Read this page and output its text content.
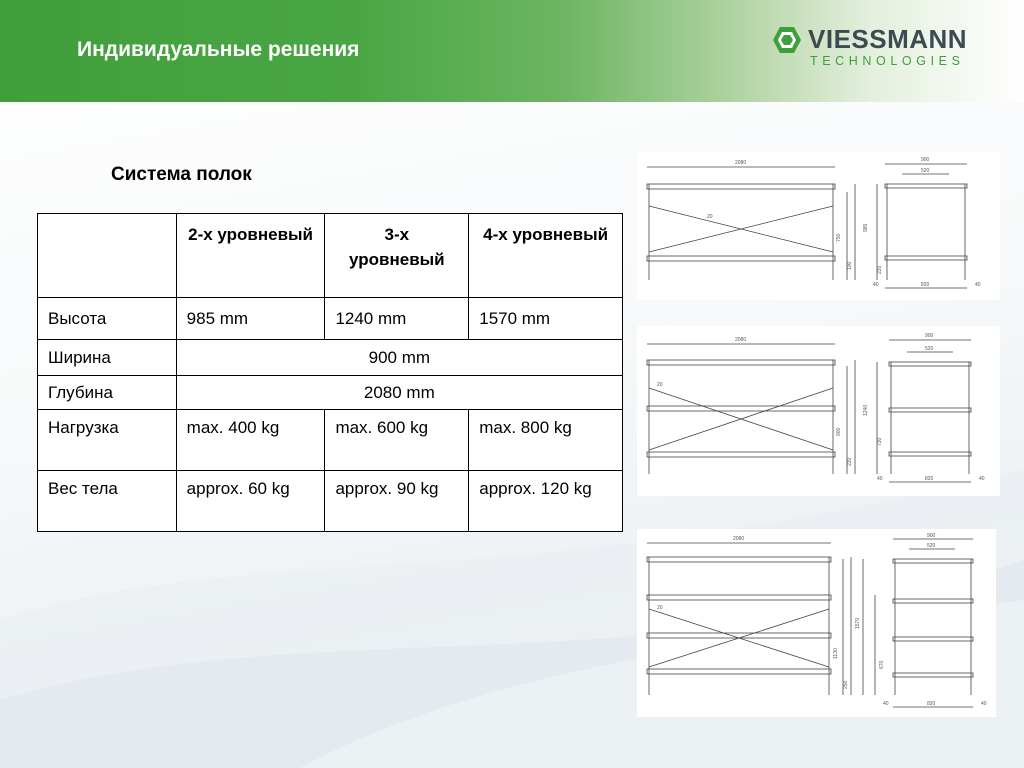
Индивидуальные решения	VIESSMANN
TECHNOLOGIES
Система полок
	2-х уровневый	3-х уровневый	4-х уровневый
Высота	985 mm	1240 mm	1570 mm
Ширина	900 mm		
Глубина	2080 mm		
Нагрузка	max. 400 kg	max. 600 kg	max. 800 kg
Вес тела	approx. 60 kg	approx. 90 kg	approx. 120 kg
2080	900
520
820
40	40
20
750
100
985
220
2080
900
520
820
40	40
20
900
220
1240
730
2080	900
520
820
40	40
20
1130
250
1570
670
